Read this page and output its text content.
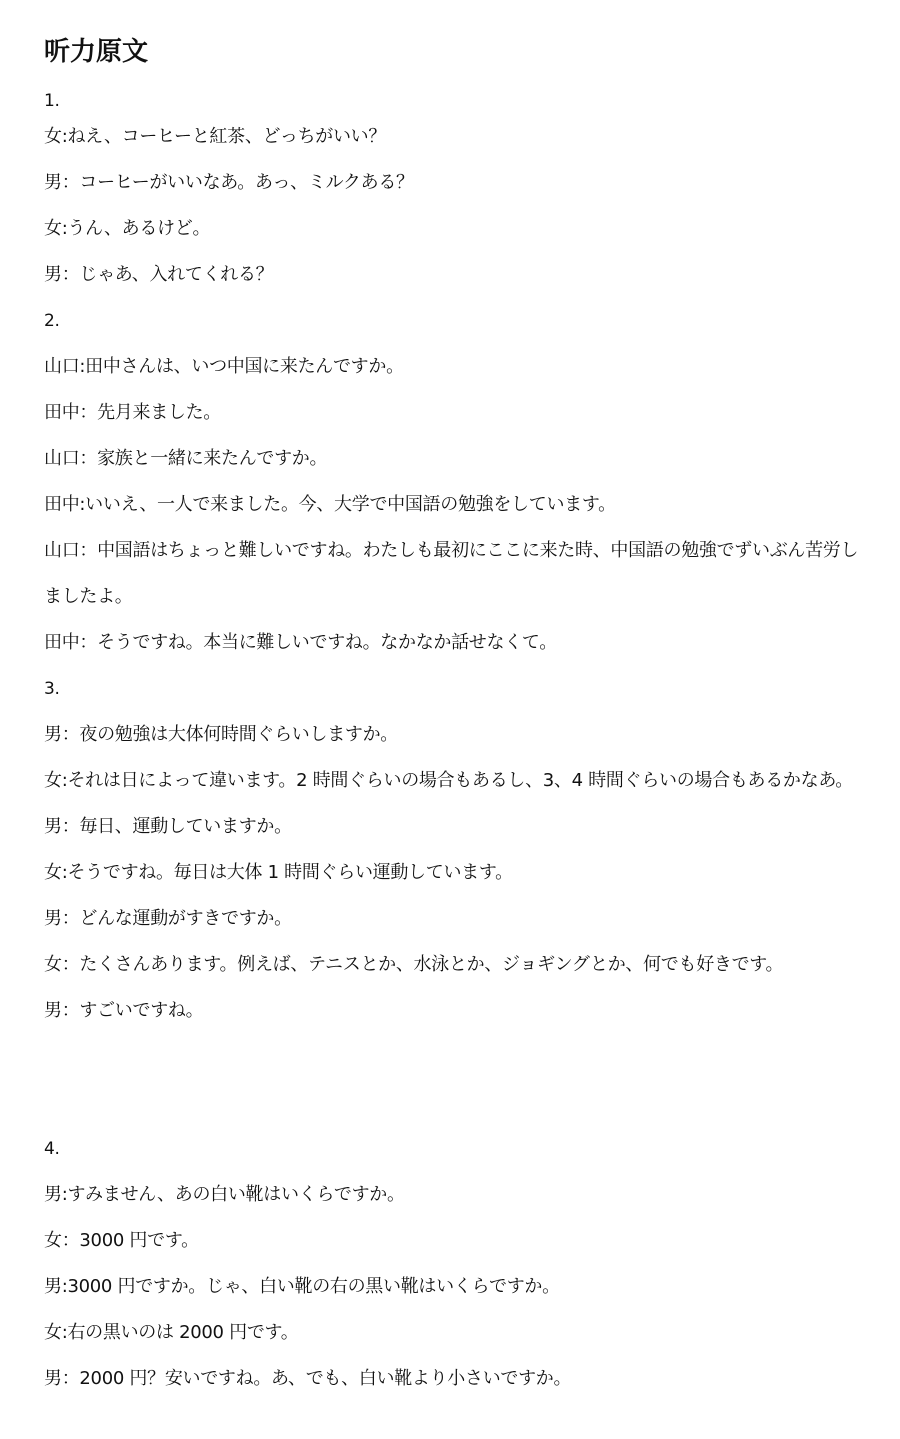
听力原文
1.
女:ねえ、コーヒーと紅茶、どっちがいい？
男：コーヒーがいいなあ。あっ、ミルクある？
女:うん、あるけど。
男：じゃあ、入れてくれる？
2.
山口:田中さんは、いつ中国に来たんですか。
田中：先月来ました。
山口：家族と一緒に来たんですか。
田中:いいえ、一人で来ました。今、大学で中国語の勉強をしています。
山口：中国語はちょっと難しいですね。わたしも最初にここに来た時、中国語の勉強でずいぶん苦労し
ましたよ。
田中：そうですね。本当に難しいですね。なかなか話せなくて。
3.
男：夜の勉強は大体何時間ぐらいしますか。
女:それは日によって違います。2 時間ぐらいの場合もあるし、3、4 時間ぐらいの場合もあるかなあ。
男：毎日、運動していますか。
女:そうですね。毎日は大体 1 時間ぐらい運動しています。
男：どんな運動がすきですか。
女：たくさんあります。例えば、テニスとか、水泳とか、ジョギングとか、何でも好きです。
男：すごいですね。
4.
男:すみません、あの白い靴はいくらですか。
女：3000 円です。
男:3000 円ですか。じゃ、白い靴の右の黒い靴はいくらですか。
女:右の黒いのは 2000 円です。
男：2000 円？安いですね。あ、でも、白い靴より小さいですか。
